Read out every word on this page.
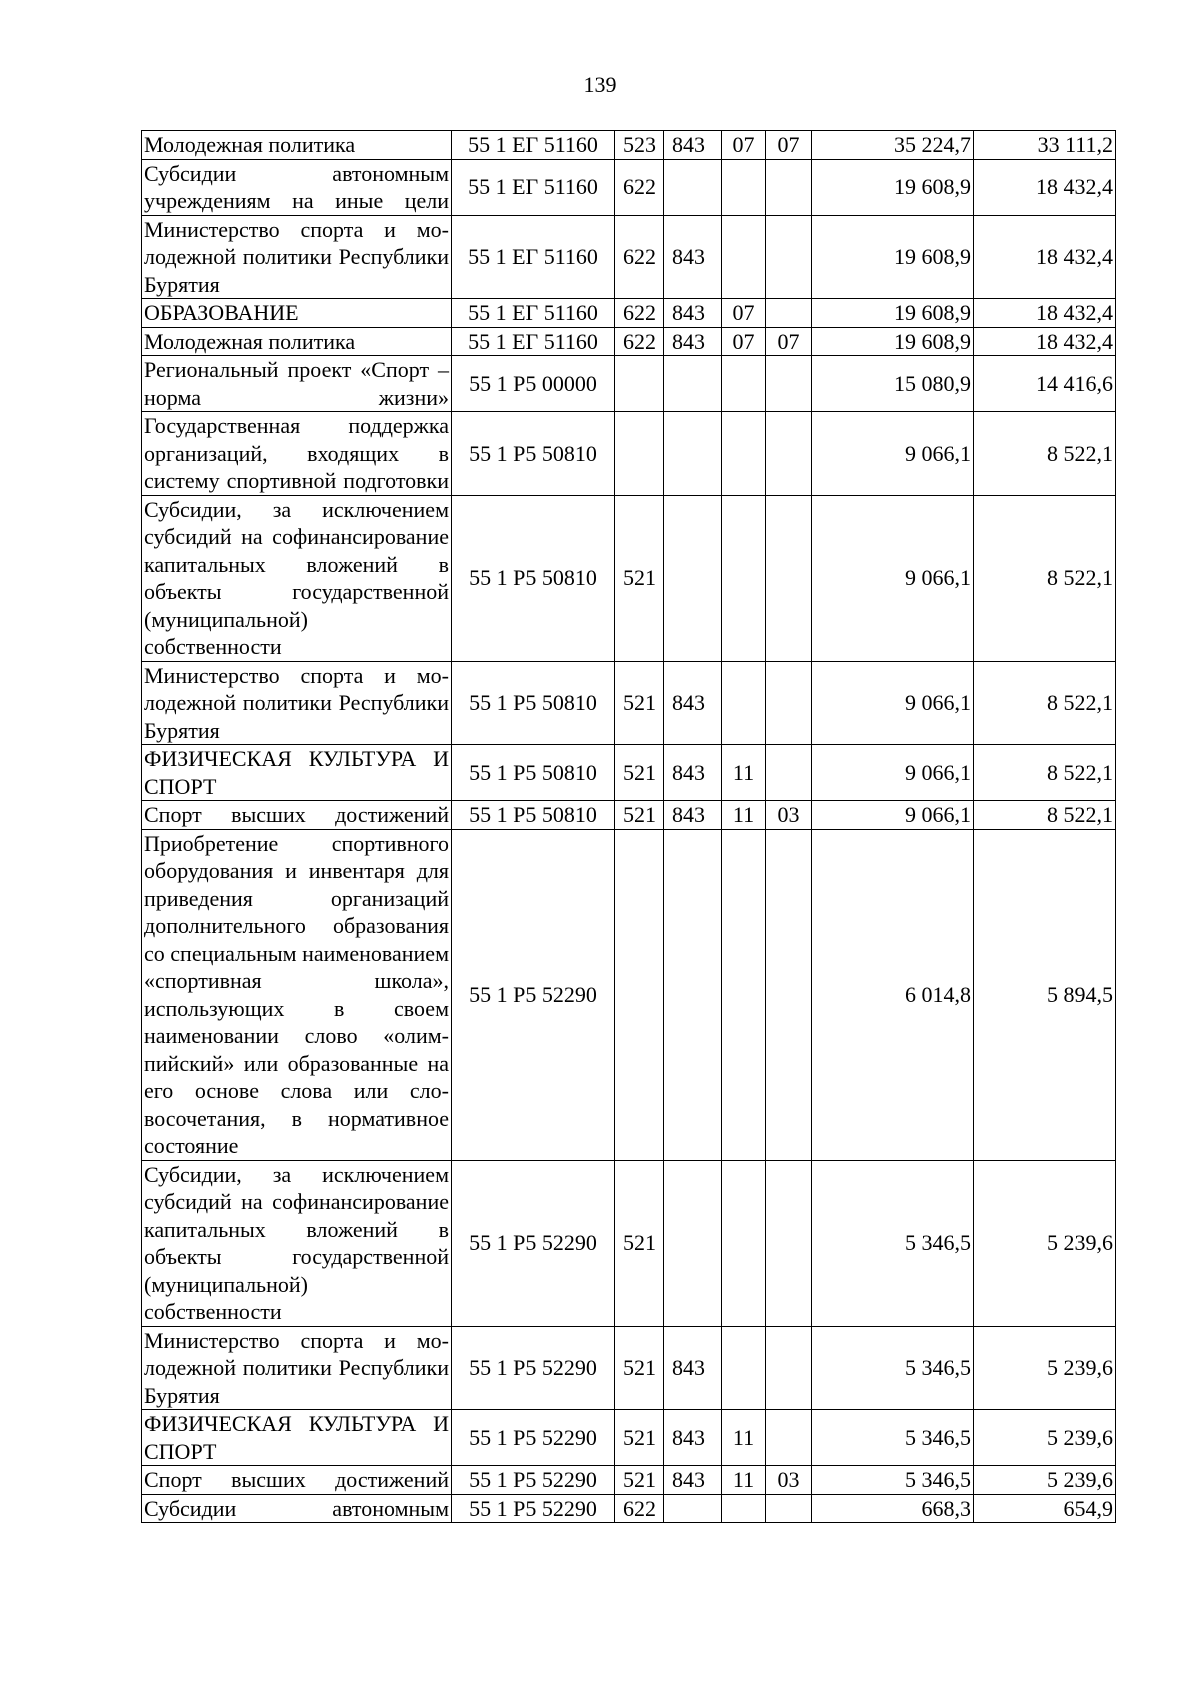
139
Молодежная политика	55 1 ЕГ 51160	523	843	07	07	35 224,7	33 111,2
Субсидии автономным учреждениям на иные цели	55 1 ЕГ 51160	622				19 608,9	18 432,4
Министерство спорта и молодежной политики Республики Бурятия	55 1 ЕГ 51160	622	843			19 608,9	18 432,4
ОБРАЗОВАНИЕ	55 1 ЕГ 51160	622	843	07		19 608,9	18 432,4
Молодежная политика	55 1 ЕГ 51160	622	843	07	07	19 608,9	18 432,4
Региональный проект «Спорт – норма жизни»	55 1 P5 00000					15 080,9	14 416,6
Государственная поддержка организаций, входящих в систему спортивной подготовки	55 1 P5 50810					9 066,1	8 522,1
Субсидии, за исключением субсидий на софинансирование капитальных вложений в объекты государственной (муниципальной) собственности	55 1 P5 50810	521				9 066,1	8 522,1
Министерство спорта и молодежной политики Республики Бурятия	55 1 P5 50810	521	843			9 066,1	8 522,1
ФИЗИЧЕСКАЯ КУЛЬТУРА И СПОРТ	55 1 P5 50810	521	843	11		9 066,1	8 522,1
Спорт высших достижений	55 1 P5 50810	521	843	11	03	9 066,1	8 522,1
Приобретение спортивного оборудования и инвентаря для приведения организаций дополнительного образования со специальным наименованием «спортивная школа», использующих в своем наименовании слово «олимпийский» или образованные на его основе слова или словосочетания, в нормативное состояние	55 1 P5 52290					6 014,8	5 894,5
Субсидии, за исключением субсидий на софинансирование капитальных вложений в объекты государственной (муниципальной) собственности	55 1 P5 52290	521				5 346,5	5 239,6
Министерство спорта и молодежной политики Республики Бурятия	55 1 P5 52290	521	843			5 346,5	5 239,6
ФИЗИЧЕСКАЯ КУЛЬТУРА И СПОРТ	55 1 P5 52290	521	843	11		5 346,5	5 239,6
Спорт высших достижений	55 1 P5 52290	521	843	11	03	5 346,5	5 239,6
Субсидии автономным	55 1 P5 52290	622				668,3	654,9
